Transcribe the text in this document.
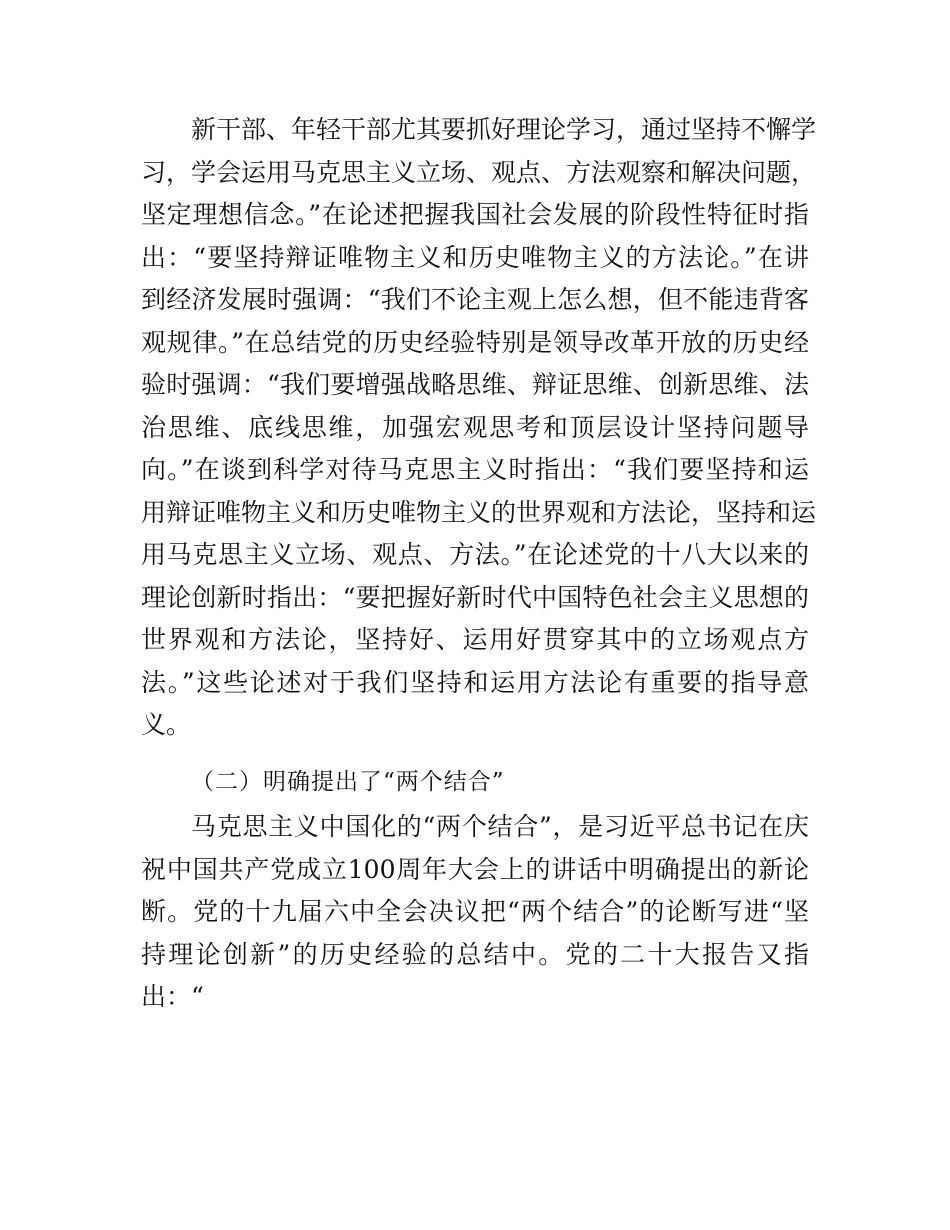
新干部、年轻干部尤其要抓好理论学习，通过坚持不懈学
习，学会运用马克思主义立场、观点、方法观察和解决问题，
坚定理想信念。”在论述把握我国社会发展的阶段性特征时指
出：“要坚持辩证唯物主义和历史唯物主义的方法论。”在讲
到经济发展时强调：“我们不论主观上怎么想，但不能违背客
观规律。”在总结党的历史经验特别是领导改革开放的历史经
验时强调：“我们要增强战略思维、辩证思维、创新思维、法
治思维、底线思维，加强宏观思考和顶层设计坚持问题导
向。”在谈到科学对待马克思主义时指出：“我们要坚持和运
用辩证唯物主义和历史唯物主义的世界观和方法论，坚持和运
用马克思主义立场、观点、方法。”在论述党的十八大以来的
理论创新时指出：“要把握好新时代中国特色社会主义思想的
世界观和方法论，坚持好、运用好贯穿其中的立场观点方
法。”这些论述对于我们坚持和运用方法论有重要的指导意
义。
（二）明确提出了“两个结合”
马克思主义中国化的“两个结合”，是习近平总书记在庆
祝中国共产党成立100周年大会上的讲话中明确提出的新论
断。党的十九届六中全会决议把“两个结合”的论断写进“坚
持理论创新”的历史经验的总结中。党的二十大报告又指
出：“
